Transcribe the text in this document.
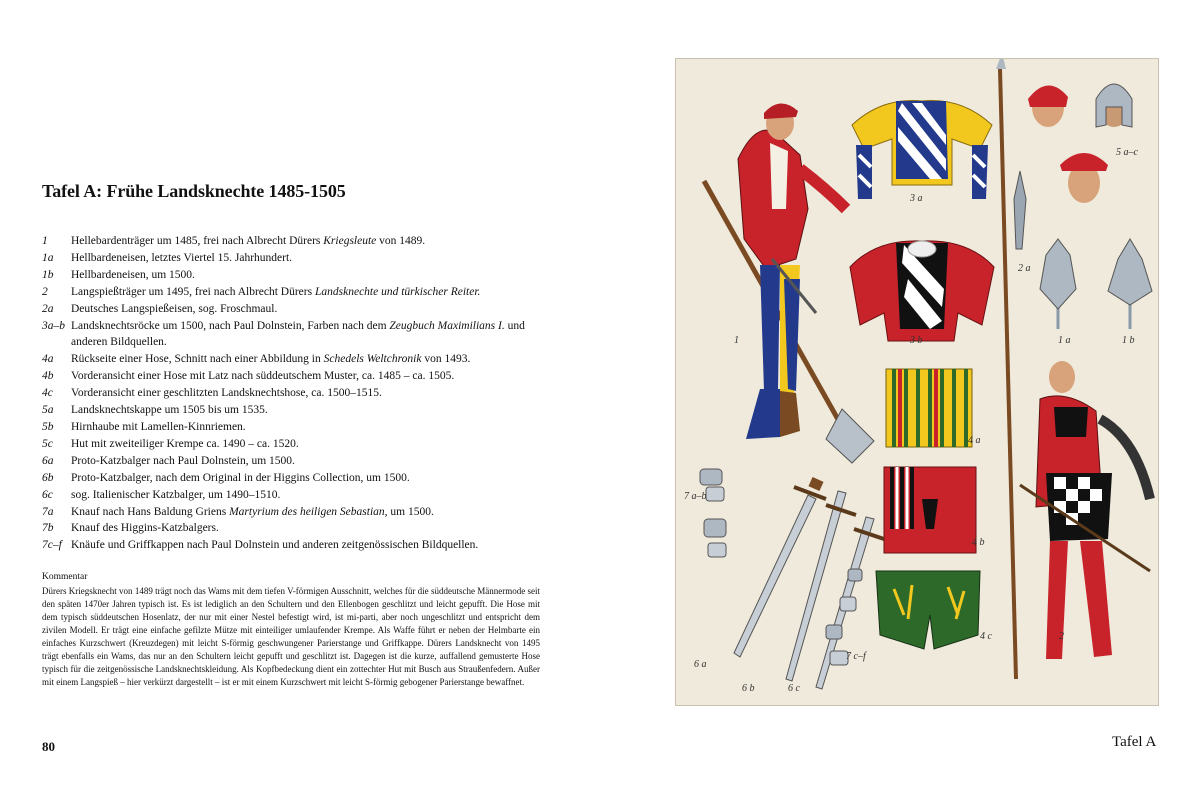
Tafel A: Frühe Landsknechte 1485-1505
1	Hellebardenträger um 1485, frei nach Albrecht Dürers Kriegsleute von 1489.
1a	Hellbardeneisen, letztes Viertel 15. Jahrhundert.
1b	Hellbardeneisen, um 1500.
2	Langspießträger um 1495, frei nach Albrecht Dürers Landsknechte und türkischer Reiter.
2a	Deutsches Langspießeisen, sog. Froschmaul.
3a–b Landsknechtsröcke um 1500, nach Paul Dolnstein, Farben nach dem Zeugbuch Maximilians I. und
anderen Bildquellen.
4a	Rückseite einer Hose, Schnitt nach einer Abbildung in Schedels Weltchronik von 1493.
4b	Vorderansicht einer Hose mit Latz nach süddeutschem Muster, ca. 1485 – ca. 1505.
4c	Vorderansicht einer geschlitzten Landsknechtshose, ca. 1500–1515.
5a	Landsknechtskappe um 1505 bis um 1535.
5b	Hirnhaube mit Lamellen-Kinnriemen.
5c	Hut mit zweiteiliger Krempe ca. 1490 – ca. 1520.
6a	Proto-Katzbalger nach Paul Dolnstein, um 1500.
6b	Proto-Katzbalger, nach dem Original in der Higgins Collection, um 1500.
6c	sog. Italienischer Katzbalger, um 1490–1510.
7a	Knauf nach Hans Baldung Griens Martyrium des heiligen Sebastian, um 1500.
7b	Knauf des Higgins-Katzbalgers.
7c–f Knäufe und Griffkappen nach Paul Dolnstein und anderen zeitgenössischen Bildquellen.
Kommentar
Dürers Kriegsknecht von 1489 trägt noch das Wams mit dem tiefen V-förmigen Ausschnitt, welches für die süddeutsche Männermode seit den späten 1470er Jahren typisch ist. Es ist lediglich an den Schultern und den Ellenbogen geschlitzt und leicht gepufft. Die Hose mit dem typisch süddeutschen Hosenlatz, der nur mit einer Nestel befestigt wird, ist mi-parti, aber noch ungeschlitzt und entspricht dem zivilen Modell. Er trägt eine einfache gefilzte Mütze mit einteiliger umlaufender Krempe. Als Waffe führt er neben der Helmbarte ein einfaches Kurzschwert (Kreuzdegen) mit leicht S-förmig geschwungener Parierstange und Griffkappe. Dürers Landsknecht von 1495 trägt ebenfalls ein Wams, das nur an den Schultern leicht gepufft und geschlitzt ist. Dagegen ist die kurze, auffallend gemusterte Hose typisch für die zeitgenössische Landsknechtskleidung. Als Kopfbedeckung dient ein zottechter Hut mit Busch aus Straußenfedern. Außer mit einem Langspieß – hier verkürzt dargestellt – ist er mit einem Kurzschwert mit leicht S-förmig gebogener Parierstange bewaffnet.
80
1
2
1 a	1 b
2 a
3 a
3 b
4 a
4 b
4 c
5 a–c
6 a
6 b	6 c
7 a–b
7 c–f
Tafel A
